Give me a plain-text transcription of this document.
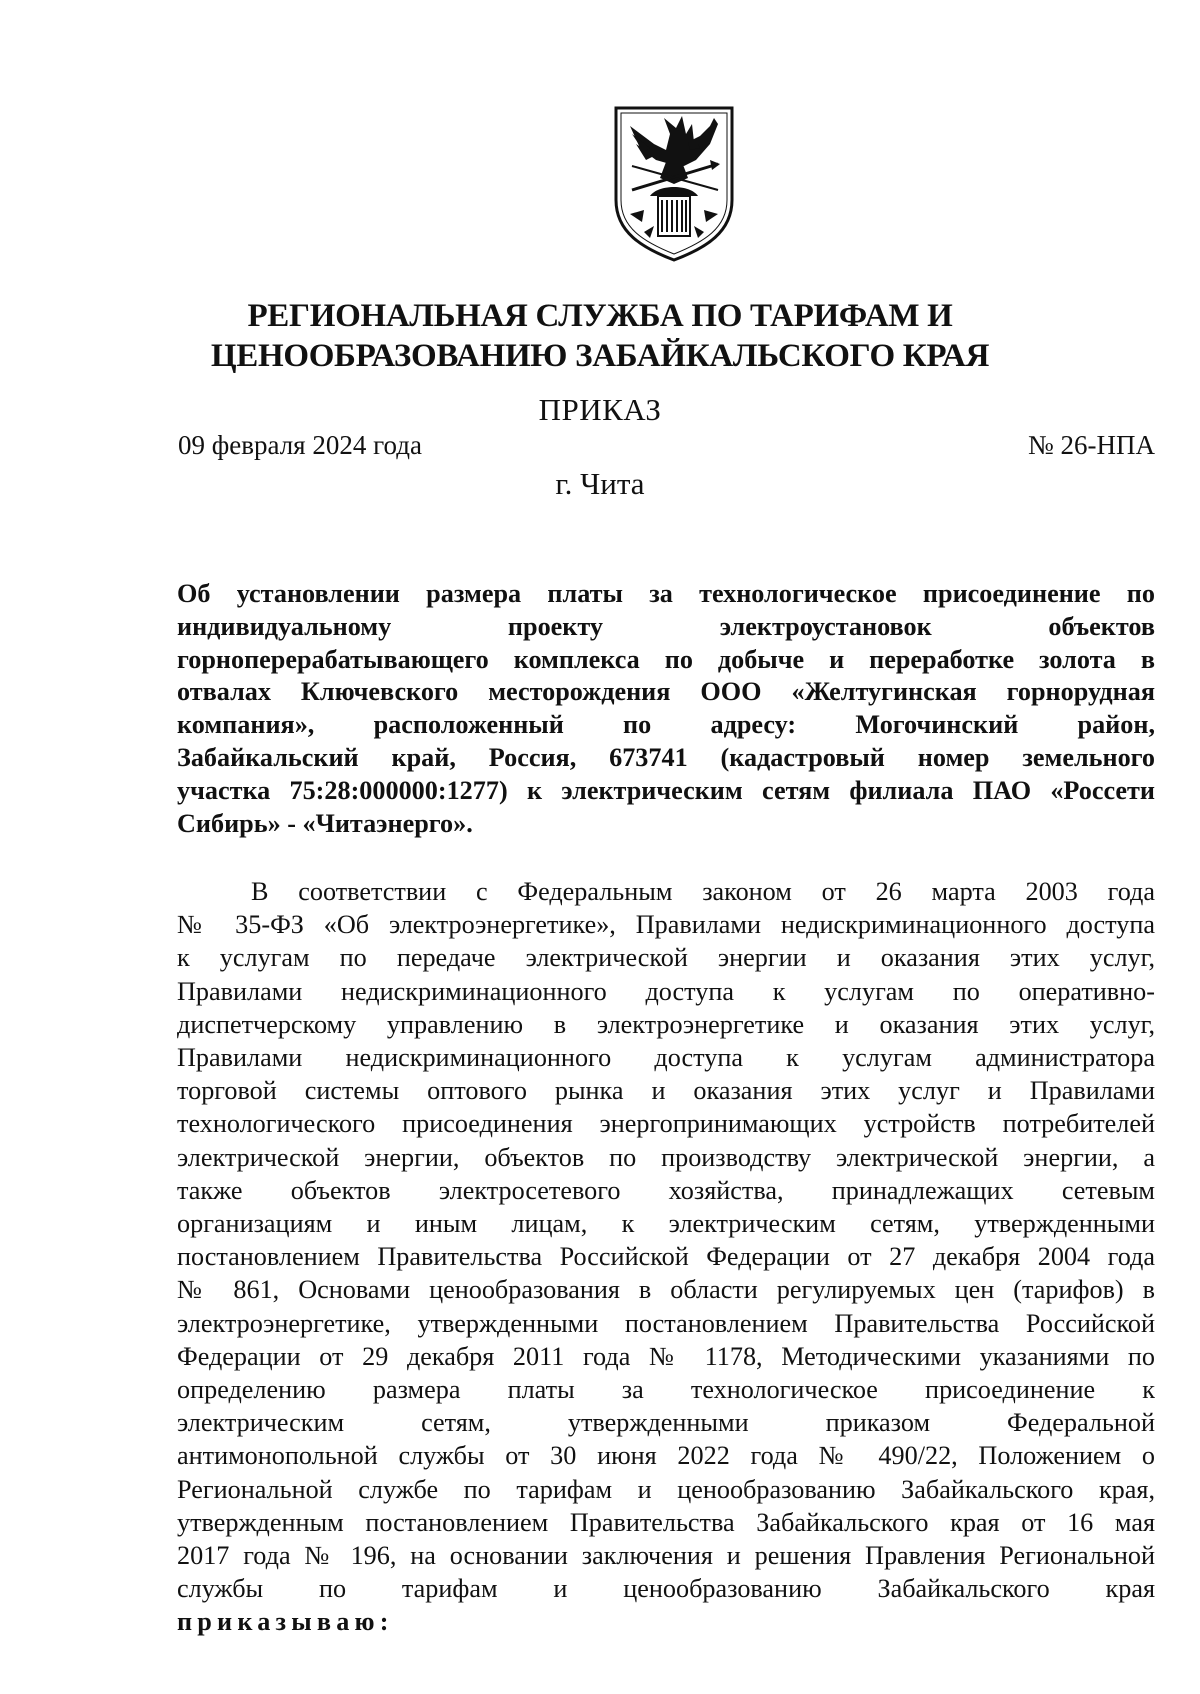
РЕГИОНАЛЬНАЯ СЛУЖБА ПО ТАРИФАМ И
ЦЕНООБРАЗОВАНИЮ ЗАБАЙКАЛЬСКОГО КРАЯ
ПРИКАЗ
09 февраля 2024 года	№ 26-НПА
г. Чита
Об установлении размера платы за технологическое присоединение по
индивидуальному проекту электроустановок объектов
горноперерабатывающего комплекса по добыче и переработке золота в
отвалах Ключевского месторождения ООО «Желтугинская горнорудная
компания», расположенный по адресу: Могочинский район,
Забайкальский край, Россия, 673741 (кадастровый номер земельного
участка 75:28:000000:1277) к электрическим сетям филиала ПАО «Россети
Сибирь» - «Читаэнерго».
В соответствии с Федеральным законом от 26 марта 2003 года
№ 35-ФЗ «Об электроэнергетике», Правилами недискриминационного доступа
к услугам по передаче электрической энергии и оказания этих услуг,
Правилами недискриминационного доступа к услугам по оперативно-
диспетчерскому управлению в электроэнергетике и оказания этих услуг,
Правилами недискриминационного доступа к услугам администратора
торговой системы оптового рынка и оказания этих услуг и Правилами
технологического присоединения энергопринимающих устройств потребителей
электрической энергии, объектов по производству электрической энергии, а
также объектов электросетевого хозяйства, принадлежащих сетевым
организациям и иным лицам, к электрическим сетям, утвержденными
постановлением Правительства Российской Федерации от 27 декабря 2004 года
№ 861, Основами ценообразования в области регулируемых цен (тарифов) в
электроэнергетике, утвержденными постановлением Правительства Российской
Федерации от 29 декабря 2011 года № 1178, Методическими указаниями по
определению размера платы за технологическое присоединение к
электрическим сетям, утвержденными приказом Федеральной
антимонопольной службы от 30 июня 2022 года № 490/22, Положением о
Региональной службе по тарифам и ценообразованию Забайкальского края,
утвержденным постановлением Правительства Забайкальского края от 16 мая
2017 года № 196, на основании заключения и решения Правления Региональной
службы по тарифам и ценообразованию Забайкальского края
приказываю:
